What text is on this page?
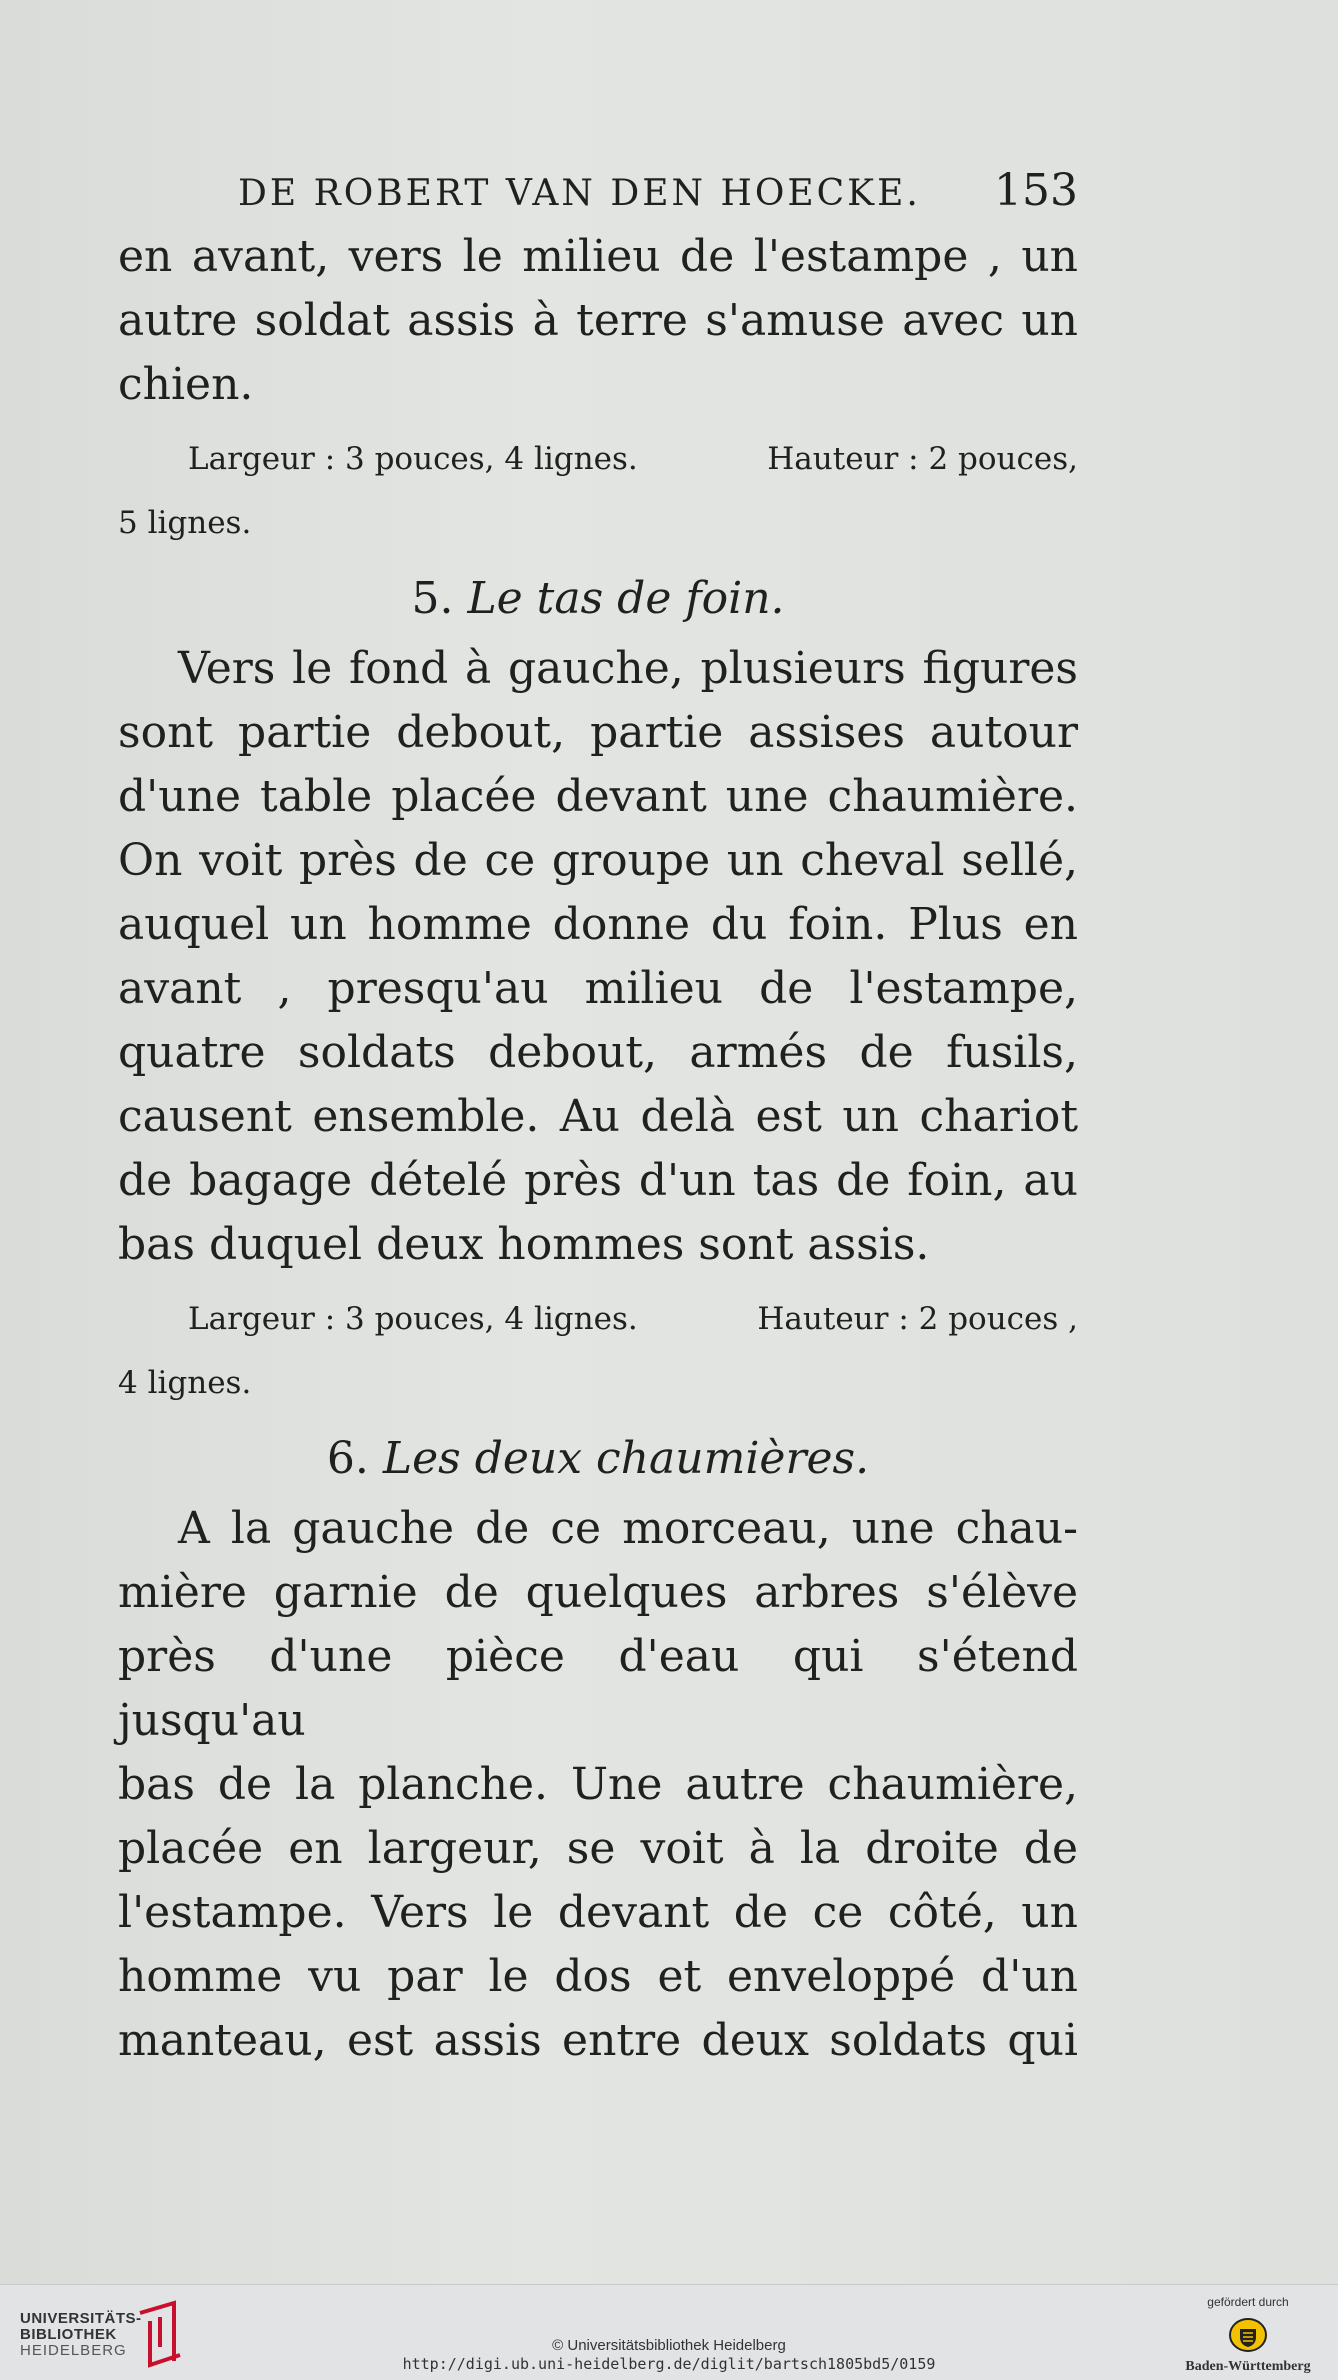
DE ROBERT VAN DEN HOECKE. 153

en avant, vers le milieu de l'estampe , un

autre soldat assis à terre s'amuse avec un

chien.

Largeur : 3 pouces, 4 lignes.	Hauteur : 2 pouces,
5 lignes.
5. Le tas de foin.

Vers le fond à gauche, plusieurs figures

sont partie debout, partie assises autour

d'une table placée devant une chaumière.

On voit près de ce groupe un cheval sellé,

auquel un homme donne du foin. Plus en

avant , presqu'au milieu de l'estampe,

quatre soldats debout, armés de fusils,

causent ensemble. Au delà est un chariot

de bagage dételé près d'un tas de foin, au

bas duquel deux hommes sont assis.

Largeur : 3 pouces, 4 lignes.	Hauteur : 2 pouces ,
4 lignes.
6. Les deux chaumières.

A la gauche de ce morceau, une chau-

mière garnie de quelques arbres s'élève

près d'une pièce d'eau qui s'étend jusqu'au

bas de la planche. Une autre chaumière,

placée en largeur, se voit à la droite de

l'estampe. Vers le devant de ce côté, un

homme vu par le dos et enveloppé d'un

manteau, est assis entre deux soldats qui

UNIVERSITÄTS-
BIBLIOTHEK
HEIDELBERG	© Universitätsbibliothek Heidelberg
http://digi.ub.uni-heidelberg.de/diglit/bartsch1805bd5/0159
gefördert durch
Baden-Württemberg
